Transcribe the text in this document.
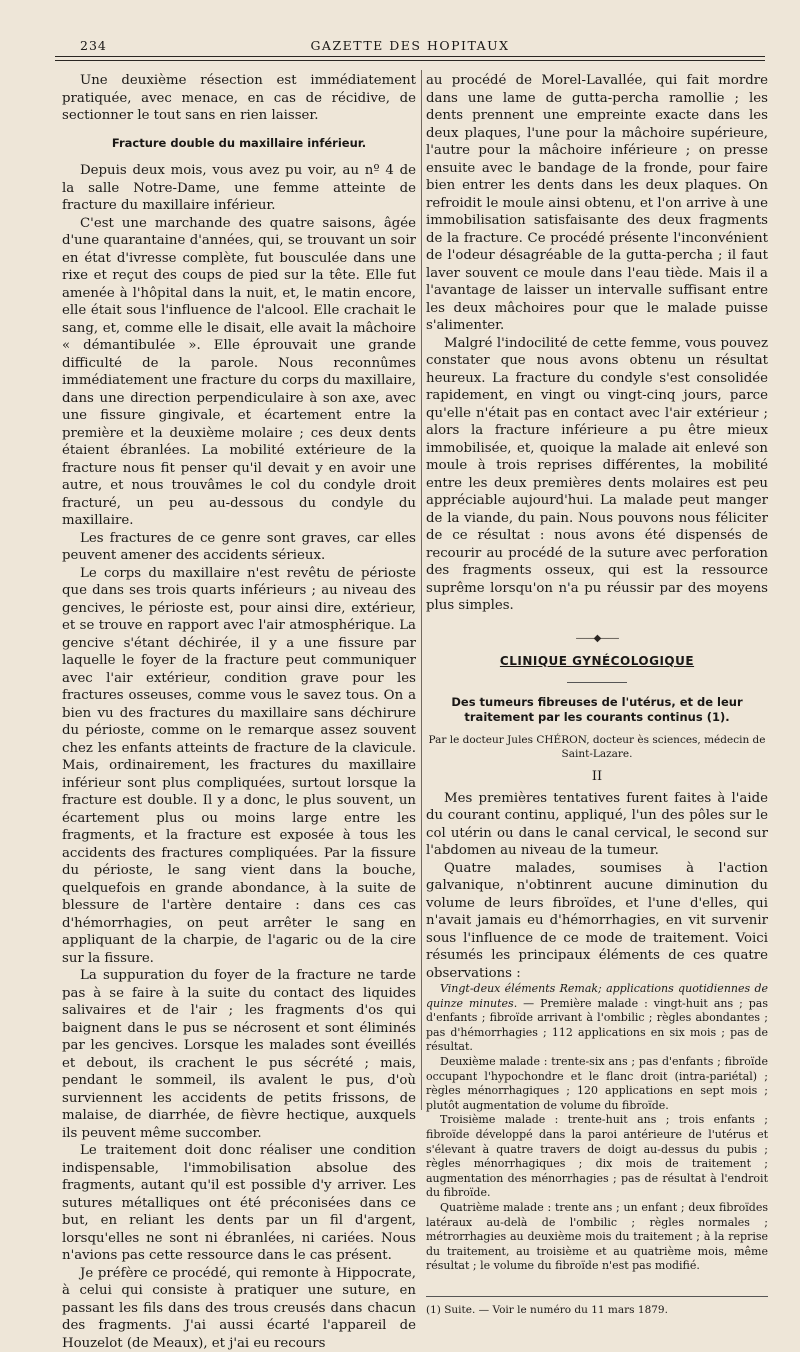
234	GAZETTE DES HOPITAUX

Une deuxième résection est immédiatement pratiquée, avec menace, en cas de récidive, de sectionner le tout sans en rien laisser.

Fracture double du maxillaire inférieur.

Depuis deux mois, vous avez pu voir, au nº 4 de la salle Notre-Dame, une femme atteinte de fracture du maxillaire inférieur.

C'est une marchande des quatre saisons, âgée d'une quarantaine d'années, qui, se trouvant un soir en état d'ivresse complète, fut bousculée dans une rixe et reçut des coups de pied sur la tête. Elle fut amenée à l'hôpital dans la nuit, et, le matin encore, elle était sous l'influence de l'alcool. Elle crachait le sang, et, comme elle le disait, elle avait la mâchoire « démantibulée ». Elle éprouvait une grande difficulté de la parole. Nous reconnûmes immédiatement une fracture du corps du maxillaire, dans une direction perpendiculaire à son axe, avec une fissure gingivale, et écartement entre la première et la deuxième molaire ; ces deux dents étaient ébranlées. La mobilité extérieure de la fracture nous fit penser qu'il devait y en avoir une autre, et nous trouvâmes le col du condyle droit fracturé, un peu au-dessous du condyle du maxillaire.

Les fractures de ce genre sont graves, car elles peuvent amener des accidents sérieux.

Le corps du maxillaire n'est revêtu de périoste que dans ses trois quarts inférieurs ; au niveau des gencives, le périoste est, pour ainsi dire, extérieur, et se trouve en rapport avec l'air atmosphérique. La gencive s'étant déchirée, il y a une fissure par laquelle le foyer de la fracture peut communiquer avec l'air extérieur, condition grave pour les fractures osseuses, comme vous le savez tous. On a bien vu des fractures du maxillaire sans déchirure du périoste, comme on le remarque assez souvent chez les enfants atteints de fracture de la clavicule. Mais, ordinairement, les fractures du maxillaire inférieur sont plus compliquées, surtout lorsque la fracture est double. Il y a donc, le plus souvent, un écartement plus ou moins large entre les fragments, et la fracture est exposée à tous les accidents des fractures compliquées. Par la fissure du périoste, le sang vient dans la bouche, quelquefois en grande abondance, à la suite de blessure de l'artère dentaire : dans ces cas d'hémorrhagies, on peut arrêter le sang en appliquant de la charpie, de l'agaric ou de la cire sur la fissure.

La suppuration du foyer de la fracture ne tarde pas à se faire à la suite du contact des liquides salivaires et de l'air ; les fragments d'os qui baignent dans le pus se nécrosent et sont éliminés par les gencives. Lorsque les malades sont éveillés et debout, ils crachent le pus sécrété ; mais, pendant le sommeil, ils avalent le pus, d'où surviennent les accidents de petits frissons, de malaise, de diarrhée, de fièvre hectique, auxquels ils peuvent même succomber.

Le traitement doit donc réaliser une condition indispensable, l'immobilisation absolue des fragments, autant qu'il est possible d'y arriver. Les sutures métalliques ont été préconisées dans ce but, en reliant les dents par un fil d'argent, lorsqu'elles ne sont ni ébranlées, ni cariées. Nous n'avions pas cette ressource dans le cas présent.

Je préfère ce procédé, qui remonte à Hippocrate, à celui qui consiste à pratiquer une suture, en passant les fils dans des trous creusés dans chacun des fragments. J'ai aussi écarté l'appareil de Houzelot (de Meaux), et j'ai eu recours

au procédé de Morel-Lavallée, qui fait mordre dans une lame de gutta-percha ramollie ; les dents prennent une empreinte exacte dans les deux plaques, l'une pour la mâchoire supérieure, l'autre pour la mâchoire inférieure ; on presse ensuite avec le bandage de la fronde, pour faire bien entrer les dents dans les deux plaques. On refroidit le moule ainsi obtenu, et l'on arrive à une immobilisation satisfaisante des deux fragments de la fracture. Ce procédé présente l'inconvénient de l'odeur désagréable de la gutta-percha ; il faut laver souvent ce moule dans l'eau tiède. Mais il a l'avantage de laisser un intervalle suffisant entre les deux mâchoires pour que le malade puisse s'alimenter.

Malgré l'indocilité de cette femme, vous pouvez constater que nous avons obtenu un résultat heureux. La fracture du condyle s'est consolidée rapidement, en vingt ou vingt-cinq jours, parce qu'elle n'était pas en contact avec l'air extérieur ; alors la fracture inférieure a pu être mieux immobilisée, et, quoique la malade ait enlevé son moule à trois reprises différentes, la mobilité entre les deux premières dents molaires est peu appréciable aujourd'hui. La malade peut manger de la viande, du pain. Nous pouvons nous féliciter de ce résultat : nous avons été dispensés de recourir au procédé de la suture avec perforation des fragments osseux, qui est la ressource suprême lorsqu'on n'a pu réussir par des moyens plus simples.

——◆——
CLINIQUE GYNÉCOLOGIQUE
Des tumeurs fibreuses de l'utérus, et de leur traitement par les courants continus (1).
Par le docteur Jules CHÉRON, docteur ès sciences, médecin de Saint-Lazare.
II

Mes premières tentatives furent faites à l'aide du courant continu, appliqué, l'un des pôles sur le col utérin ou dans le canal cervical, le second sur l'abdomen au niveau de la tumeur.

Quatre malades, soumises à l'action galvanique, n'obtinrent aucune diminution du volume de leurs fibroïdes, et l'une d'elles, qui n'avait jamais eu d'hémorrhagies, en vit survenir sous l'influence de ce mode de traitement. Voici résumés les principaux éléments de ces quatre observations :

Vingt-deux éléments Remak; applications quotidiennes de quinze minutes. — Première malade : vingt-huit ans ; pas d'enfants ; fibroïde arrivant à l'ombilic ; règles abondantes ; pas d'hémorrhagies ; 112 applications en six mois ; pas de résultat.

Deuxième malade : trente-six ans ; pas d'enfants ; fibroïde occupant l'hypochondre et le flanc droit (intra-pariétal) ; règles ménorrhagiques ; 120 applications en sept mois ; plutôt augmentation de volume du fibroïde.

Troisième malade : trente-huit ans ; trois enfants ; fibroïde développé dans la paroi antérieure de l'utérus et s'élevant à quatre travers de doigt au-dessus du pubis ; règles ménorrhagiques ; dix mois de traitement ; augmentation des ménorrhagies ; pas de résultat à l'endroit du fibroïde.

Quatrième malade : trente ans ; un enfant ; deux fibroïdes latéraux au-delà de l'ombilic ; règles normales ; métrorrhagies au deuxième mois du traitement ; à la reprise du traitement, au troisième et au quatrième mois, même résultat ; le volume du fibroïde n'est pas modifié.

(1) Suite. — Voir le numéro du 11 mars 1879.
